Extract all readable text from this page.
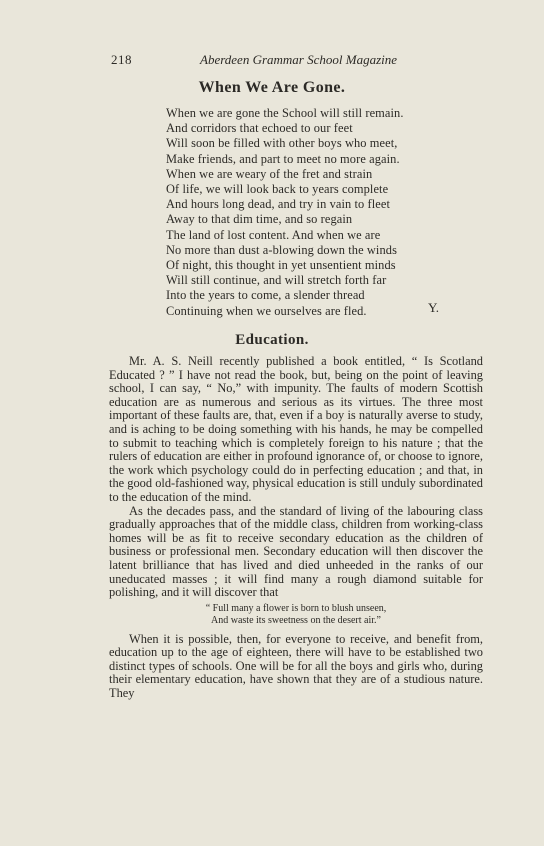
218	Aberdeen Grammar School Magazine
When We Are Gone.
When we are gone the School will still remain.
And corridors that echoed to our feet
Will soon be filled with other boys who meet,
Make friends, and part to meet no more again.
When we are weary of the fret and strain
Of life, we will look back to years complete
And hours long dead, and try in vain to fleet
Away to that dim time, and so regain
The land of lost content. And when we are
No more than dust a-blowing down the winds
Of night, this thought in yet unsentient minds
Will still continue, and will stretch forth far
Into the years to come, a slender thread
Continuing when we ourselves are fled.	Y.
Education.

Mr. A. S. Neill recently published a book entitled, “ Is Scotland Educated ? ” I have not read the book, but, being on the point of leaving school, I can say, “ No,” with impunity. The faults of modern Scottish education are as numerous and serious as its virtues. The three most important of these faults are, that, even if a boy is naturally averse to study, and is aching to be doing something with his hands, he may be compelled to submit to teaching which is completely foreign to his nature ; that the rulers of education are either in profound ignorance of, or choose to ignore, the work which psychology could do in perfecting education ; and that, in the good old-fashioned way, physical education is still unduly subordinated to the education of the mind.

As the decades pass, and the standard of living of the labouring class gradually approaches that of the middle class, children from working-class homes will be as fit to receive secondary education as the children of business or professional men. Secondary education will then discover the latent brilliance that has lived and died unheeded in the ranks of our uneducated masses ; it will find many a rough diamond suitable for polishing, and it will discover that

“ Full many a flower is born to blush unseen,
And waste its sweetness on the desert air.”

When it is possible, then, for everyone to receive, and benefit from, education up to the age of eighteen, there will have to be established two distinct types of schools. One will be for all the boys and girls who, during their elementary education, have shown that they are of a studious nature. They
